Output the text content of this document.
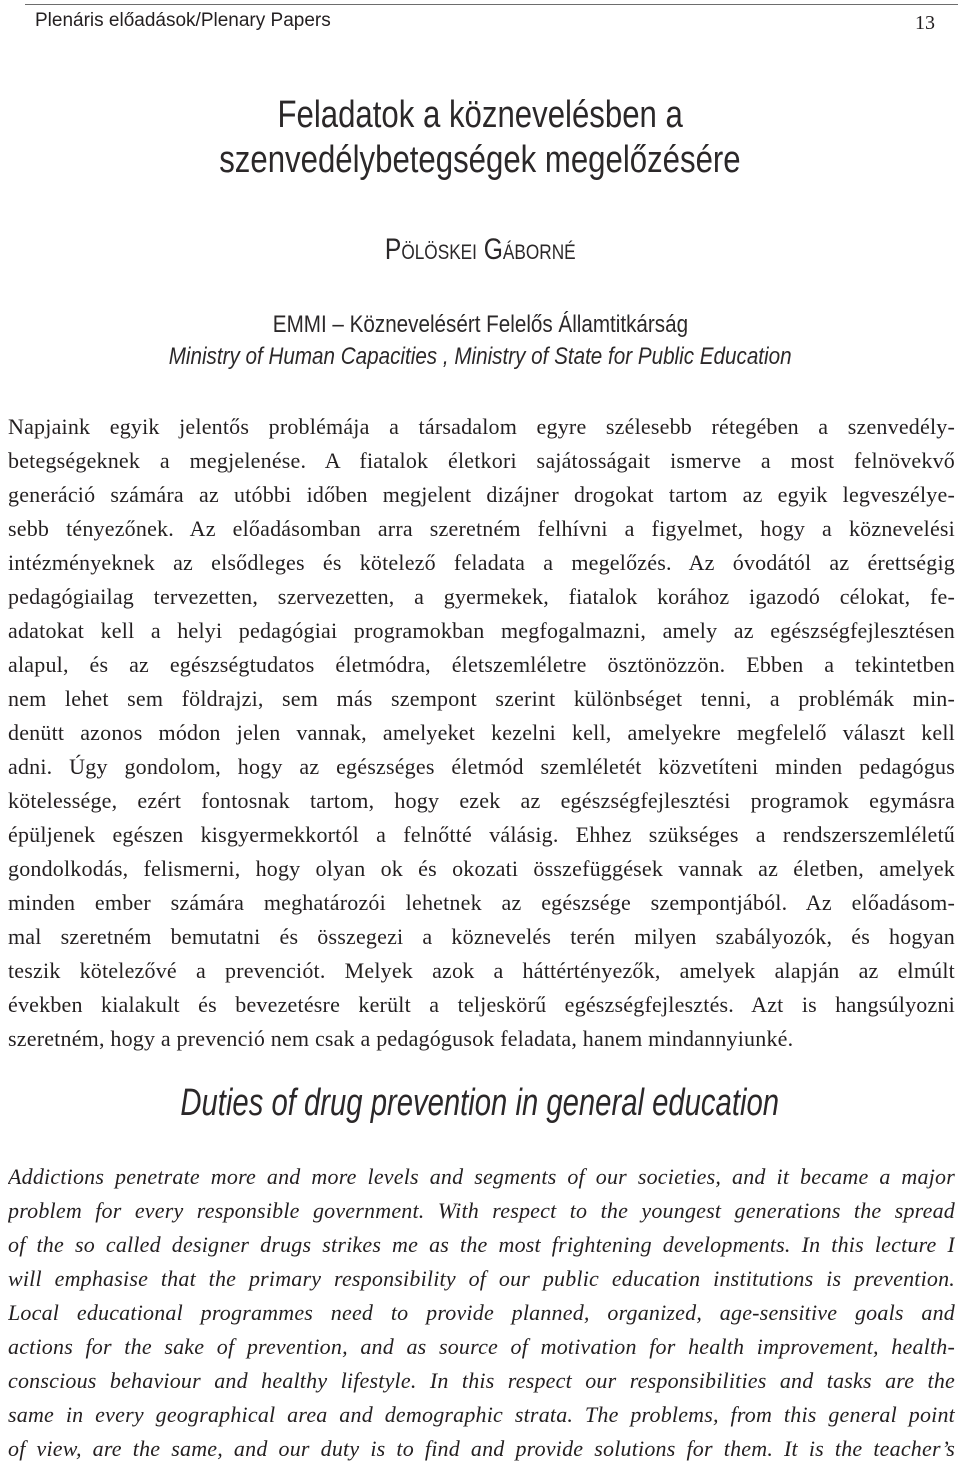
Plenáris előadások/Plenary Papers	13
Feladatok a köznevelésben a
szenvedélybetegségek megelőzésére
Pölöskei Gáborné
EMMI – Köznevelésért Felelős Államtitkárság
Ministry of Human Capacities , Ministry of State for Public Education
Napjaink egyik jelentős problémája a társadalom egyre szélesebb rétegében a szenvedély-
betegségeknek a megjelenése. A fiatalok életkori sajátosságait ismerve a most felnövekvő
generáció számára az utóbbi időben megjelent dizájner drogokat tartom az egyik legveszélye-
sebb tényezőnek. Az előadásomban arra szeretném felhívni a figyelmet, hogy a köznevelési
intézményeknek az elsődleges és kötelező feladata a megelőzés. Az óvodától az érettségig
pedagógiailag tervezetten, szervezetten, a gyermekek, fiatalok korához igazodó célokat, fe-
adatokat kell a helyi pedagógiai programokban megfogalmazni, amely az egészségfejlesztésen
alapul, és az egészségtudatos életmódra, életszemléletre ösztönözzön. Ebben a tekintetben
nem lehet sem földrajzi, sem más szempont szerint különbséget tenni, a problémák min-
denütt azonos módon jelen vannak, amelyeket kezelni kell, amelyekre megfelelő választ kell
adni. Úgy gondolom, hogy az egészséges életmód szemléletét közvetíteni minden pedagógus
kötelessége, ezért fontosnak tartom, hogy ezek az egészségfejlesztési programok egymásra
épüljenek egészen kisgyermekkortól a felnőtté válásig. Ehhez szükséges a rendszerszemléletű
gondolkodás, felismerni, hogy olyan ok és okozati összefüggések vannak az életben, amelyek
minden ember számára meghatározói lehetnek az egészsége szempontjából. Az előadásom-
mal szeretném bemutatni és összegezi a köznevelés terén milyen szabályozók, és hogyan
teszik kötelezővé a prevenciót. Melyek azok a háttértényezők, amelyek alapján az elmúlt
években kialakult és bevezetésre került a teljeskörű egészségfejlesztés. Azt is hangsúlyozni
szeretném, hogy a prevenció nem csak a pedagógusok feladata, hanem mindannyiunké.
Duties of drug prevention in general education
Addictions penetrate more and more levels and segments of our societies, and it became a major
problem for every responsible government. With respect to the youngest generations the spread
of the so called designer drugs strikes me as the most frightening developments. In this lecture I
will emphasise that the primary responsibility of our public education institutions is prevention.
Local educational programmes need to provide planned, organized, age-sensitive goals and
actions for the sake of prevention, and as source of motivation for health improvement, health-
conscious behaviour and healthy lifestyle. In this respect our responsibilities and tasks are the
same in every geographical area and demographic strata. The problems, from this general point
of view, are the same, and our duty is to find and provide solutions for them. It is the teacher’s
